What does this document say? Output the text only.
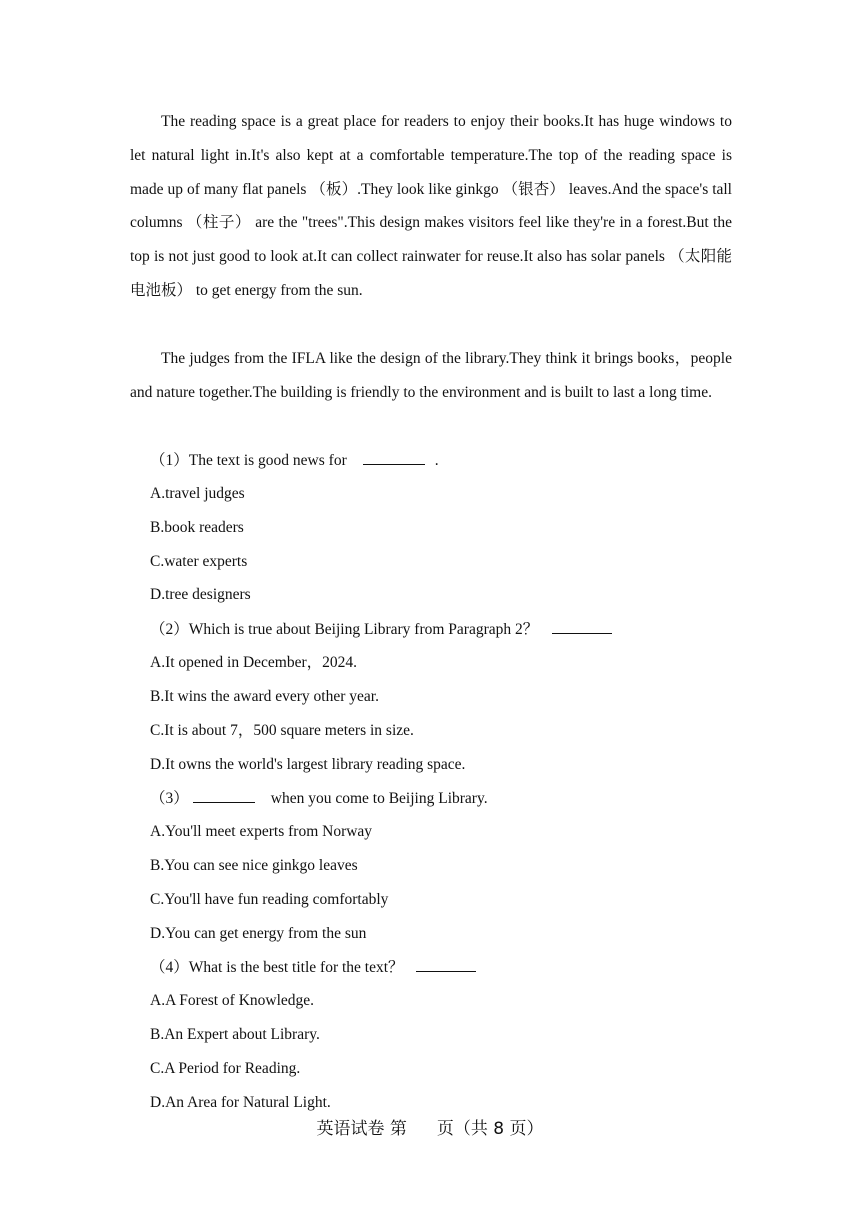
The reading space is a great place for readers to enjoy their books.It has huge windows to let natural light in.It's also kept at a comfortable temperature.The top of the reading space is made up of many flat panels （板）.They look like ginkgo （银杏） leaves.And the space's tall columns （柱子） are the "trees".This design makes visitors feel like they're in a forest.But the top is not just good to look at.It can collect rainwater for reuse.It also has solar panels （太阳能电池板） to get energy from the sun.

The judges from the IFLA like the design of the library.They think it brings books，people and nature together.The building is friendly to the environment and is built to last a long time.

（1）The text is good news for	.

A.travel judges

B.book readers

C.water experts

D.tree designers

（2）Which is true about Beijing Library from Paragraph 2？

A.It opened in December，2024.

B.It wins the award every other year.

C.It is about 7，500 square meters in size.

D.It owns the world's largest library reading space.

（3）	when you come to Beijing Library.

A.You'll meet experts from Norway

B.You can see nice ginkgo leaves

C.You'll have fun reading comfortably

D.You can get energy from the sun

（4）What is the best title for the text？

A.A Forest of Knowledge.

B.An Expert about Library.

C.A Period for Reading.

D.An Area for Natural Light.

英语试卷 第 页（共 8 页）
